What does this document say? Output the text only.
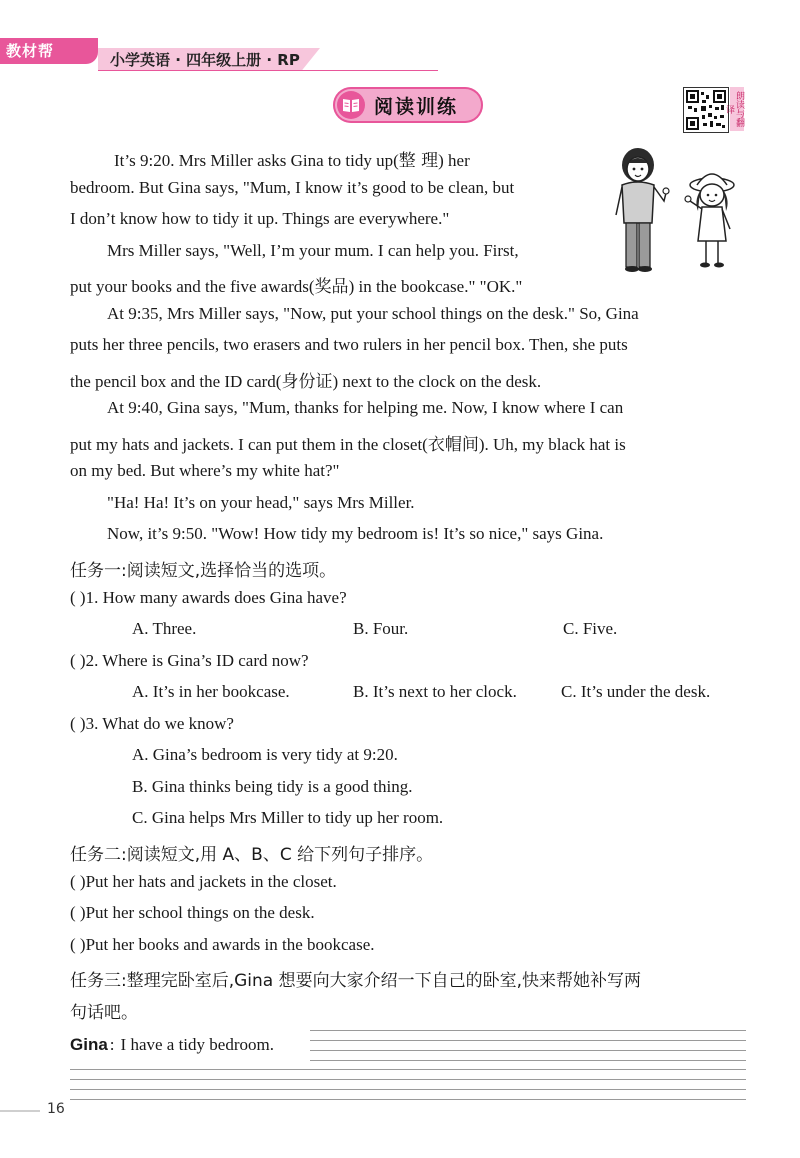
教材帮	小学英语 · 四年级上册 · RP
阅读训练	朗读与翻译
It’s 9:20. Mrs Miller asks Gina to tidy up(整 理) her
bedroom. But Gina says, "Mum, I know it’s good to be clean, but
I don’t know how to tidy it up. Things are everywhere."
Mrs Miller says, "Well, I’m your mum. I can help you. First,
put your books and the five awards(奖品) in the bookcase." "OK."
At 9:35, Mrs Miller says, "Now, put your school things on the desk." So, Gina
puts her three pencils, two erasers and two rulers in her pencil box. Then, she puts
the pencil box and the ID card(身份证) next to the clock on the desk.
At 9:40, Gina says, "Mum, thanks for helping me. Now, I know where I can
put my hats and jackets. I can put them in the closet(衣帽间). Uh, my black hat is
on my bed. But where’s my white hat?"
"Ha! Ha! It’s on your head," says Mrs Miller.
Now, it’s 9:50. "Wow! How tidy my bedroom is! It’s so nice," says Gina.
任务一:阅读短文,选择恰当的选项。
( )1. How many awards does Gina have?
A. Three.	B. Four.	C. Five.
( )2. Where is Gina’s ID card now?
A. It’s in her bookcase.	B. It’s next to her clock.	C. It’s under the desk.
( )3. What do we know?
A. Gina’s bedroom is very tidy at 9:20.
B. Gina thinks being tidy is a good thing.
C. Gina helps Mrs Miller to tidy up her room.
任务二:阅读短文,用 A、B、C 给下列句子排序。
( )Put her hats and jackets in the closet.
( )Put her school things on the desk.
( )Put her books and awards in the bookcase.
任务三:整理完卧室后,Gina 想要向大家介绍一下自己的卧室,快来帮她补写两
句话吧。
Gina : I have a tidy bedroom.
16
